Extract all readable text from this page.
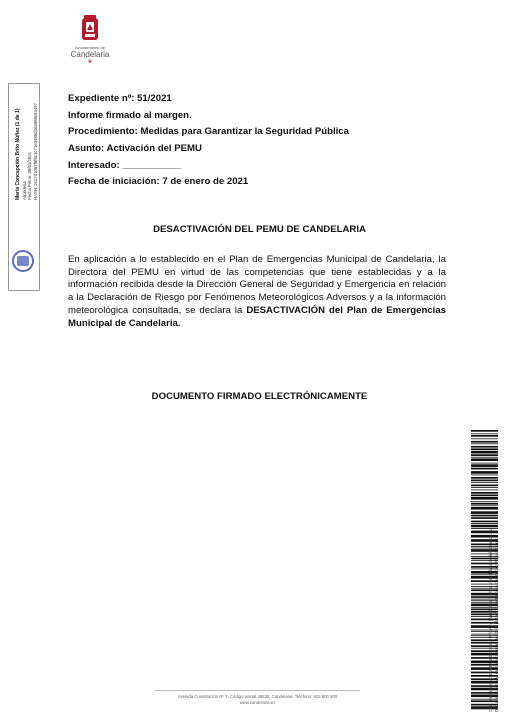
Ayuntamiento de
Candelaria
❀
María Concepción Brito Núñez (1 de 1) Alcaldesa Fecha Firma: 08/01/2021 HASH: 2c27d1067f6f8c1c71e3485d4d4668c9a497
Expediente nº: 51/2021
Informe firmado al margen.
Procedimiento: Medidas para Garantizar la Seguridad Pública
Asunto: Activación del PEMU
Interesado: ___________
Fecha de iniciación: 7 de enero de 2021
DESACTIVACIÓN DEL PEMU DE CANDELARIA
En aplicación a lo establecido en el Plan de Emergencias Municipal de Candelaria, la Directora del PEMU en virtud de las competencias que tiene establecidas y a la información recibida desde la Dirección General de Seguridad y Emergencia en relación a la Declaración de Riesgo por Fenómenos Meteorológicos Adversos y a la información meteorológica consultada, se declara la DESACTIVACIÓN del Plan de Emergencias Municipal de Candelaria.
DOCUMENTO FIRMADO ELECTRÓNICAMENTE
Cód. Validación: A7JAMPA6L2NCGYL2PYCAY4 | Verificación: https://candelaria.sedelectronica.es/ Documento firmado electrónicamente desde la plataforma esPublico Gestiona | Página 1 de 1
Avenida Constitución Nº 7, Código postal 38530, Candelaria. Teléfono: 922 500 800
www.candelaria.es
